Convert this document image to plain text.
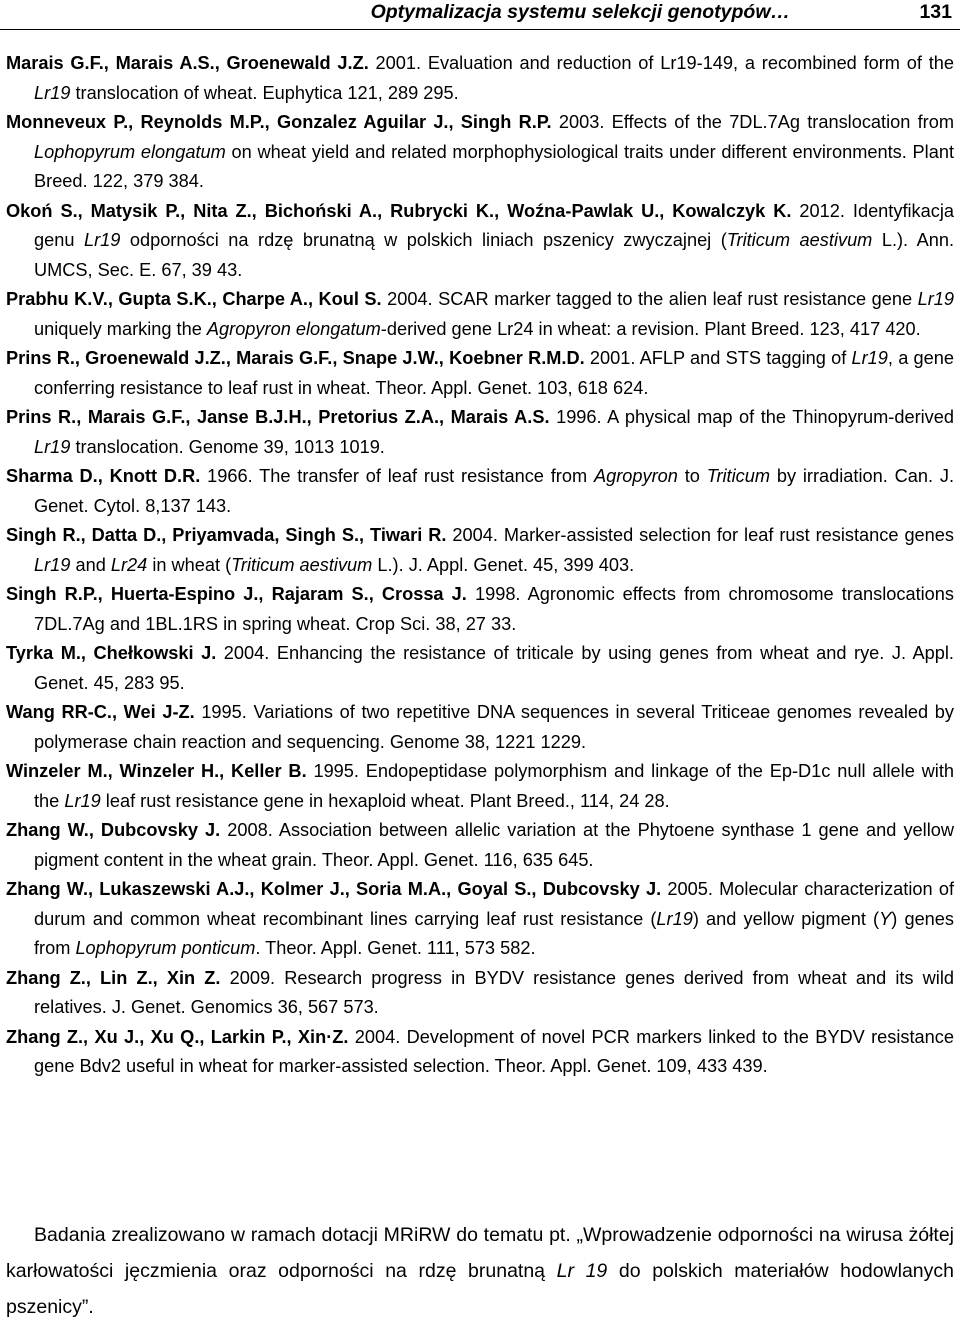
Optymalizacja systemu selekcji genotypów…	131
Marais G.F., Marais A.S., Groenewald J.Z. 2001. Evaluation and reduction of Lr19-149, a recombined form of the Lr19 translocation of wheat. Euphytica 121, 289 295.
Monneveux P., Reynolds M.P., Gonzalez Aguilar J., Singh R.P. 2003. Effects of the 7DL.7Ag translocation from Lophopyrum elongatum on wheat yield and related morphophysiological traits under different environments. Plant Breed. 122, 379 384.
Okoń S., Matysik P., Nita Z., Bichoński A., Rubrycki K., Woźna-Pawlak U., Kowalczyk K. 2012. Identyfikacja genu Lr19 odporności na rdzę brunatną w polskich liniach pszenicy zwyczajnej (Triticum aestivum L.). Ann. UMCS, Sec. E. 67, 39 43.
Prabhu K.V., Gupta S.K., Charpe A., Koul S. 2004. SCAR marker tagged to the alien leaf rust resistance gene Lr19 uniquely marking the Agropyron elongatum-derived gene Lr24 in wheat: a revision. Plant Breed. 123, 417 420.
Prins R., Groenewald J.Z., Marais G.F., Snape J.W., Koebner R.M.D. 2001. AFLP and STS tagging of Lr19, a gene conferring resistance to leaf rust in wheat. Theor. Appl. Genet. 103, 618 624.
Prins R., Marais G.F., Janse B.J.H., Pretorius Z.A., Marais A.S. 1996. A physical map of the Thinopyrum-derived Lr19 translocation. Genome 39, 1013 1019.
Sharma D., Knott D.R. 1966. The transfer of leaf rust resistance from Agropyron to Triticum by irradiation. Can. J. Genet. Cytol. 8,137 143.
Singh R., Datta D., Priyamvada, Singh S., Tiwari R. 2004. Marker-assisted selection for leaf rust resistance genes Lr19 and Lr24 in wheat (Triticum aestivum L.). J. Appl. Genet. 45, 399 403.
Singh R.P., Huerta-Espino J., Rajaram S., Crossa J. 1998. Agronomic effects from chromosome translocations 7DL.7Ag and 1BL.1RS in spring wheat. Crop Sci. 38, 27 33.
Tyrka M., Chełkowski J. 2004. Enhancing the resistance of triticale by using genes from wheat and rye. J. Appl. Genet. 45, 283 95.
Wang RR-C., Wei J-Z. 1995. Variations of two repetitive DNA sequences in several Triticeae genomes revealed by polymerase chain reaction and sequencing. Genome 38, 1221 1229.
Winzeler M., Winzeler H., Keller B. 1995. Endopeptidase polymorphism and linkage of the Ep-D1c null allele with the Lr19 leaf rust resistance gene in hexaploid wheat. Plant Breed., 114, 24 28.
Zhang W., Dubcovsky J. 2008. Association between allelic variation at the Phytoene synthase 1 gene and yellow pigment content in the wheat grain. Theor. Appl. Genet. 116, 635 645.
Zhang W., Lukaszewski A.J., Kolmer J., Soria M.A., Goyal S., Dubcovsky J. 2005. Molecular characterization of durum and common wheat recombinant lines carrying leaf rust resistance (Lr19) and yellow pigment (Y) genes from Lophopyrum ponticum. Theor. Appl. Genet. 111, 573 582.
Zhang Z., Lin Z., Xin Z. 2009. Research progress in BYDV resistance genes derived from wheat and its wild relatives. J. Genet. Genomics 36, 567 573.
Zhang Z., Xu J., Xu Q., Larkin P., Xin·Z. 2004. Development of novel PCR markers linked to the BYDV resistance gene Bdv2 useful in wheat for marker-assisted selection. Theor. Appl. Genet. 109, 433 439.
Badania zrealizowano w ramach dotacji MRiRW do tematu pt. „Wprowadzenie odporności na wirusa żółtej karłowatości jęczmienia oraz odporności na rdzę brunatną Lr 19 do polskich materiałów hodowlanych pszenicy”.
